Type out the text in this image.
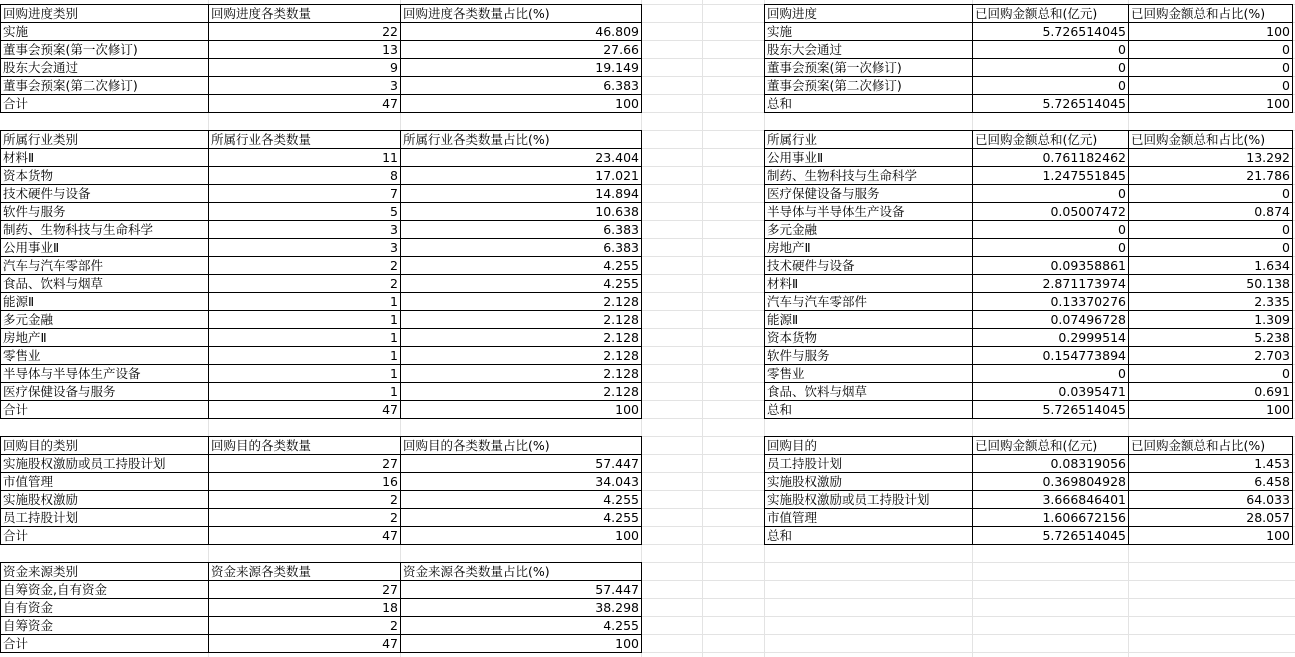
回购进度类别	回购进度各类数量	回购进度各类数量占比(%)
实施	22	46.809
董事会预案(第一次修订)	13	27.66
股东大会通过	9	19.149
董事会预案(第二次修订)	3	6.383
合计	47	100
所属行业类别	所属行业各类数量	所属行业各类数量占比(%)
材料Ⅱ	11	23.404
资本货物	8	17.021
技术硬件与设备	7	14.894
软件与服务	5	10.638
制药、生物科技与生命科学	3	6.383
公用事业Ⅱ	3	6.383
汽车与汽车零部件	2	4.255
食品、饮料与烟草	2	4.255
能源Ⅱ	1	2.128
多元金融	1	2.128
房地产Ⅱ	1	2.128
零售业	1	2.128
半导体与半导体生产设备	1	2.128
医疗保健设备与服务	1	2.128
合计	47	100
回购目的类别	回购目的各类数量	回购目的各类数量占比(%)
实施股权激励或员工持股计划	27	57.447
市值管理	16	34.043
实施股权激励	2	4.255
员工持股计划	2	4.255
合计	47	100
资金来源类别	资金来源各类数量	资金来源各类数量占比(%)
自筹资金,自有资金	27	57.447
自有资金	18	38.298
自筹资金	2	4.255
合计	47	100
回购进度	已回购金额总和(亿元)	已回购金额总和占比(%)
实施	5.726514045	100
股东大会通过	0	0
董事会预案(第一次修订)	0	0
董事会预案(第二次修订)	0	0
总和	5.726514045	100
所属行业	已回购金额总和(亿元)	已回购金额总和占比(%)
公用事业Ⅱ	0.761182462	13.292
制药、生物科技与生命科学	1.247551845	21.786
医疗保健设备与服务	0	0
半导体与半导体生产设备	0.05007472	0.874
多元金融	0	0
房地产Ⅱ	0	0
技术硬件与设备	0.09358861	1.634
材料Ⅱ	2.871173974	50.138
汽车与汽车零部件	0.13370276	2.335
能源Ⅱ	0.07496728	1.309
资本货物	0.2999514	5.238
软件与服务	0.154773894	2.703
零售业	0	0
食品、饮料与烟草	0.0395471	0.691
总和	5.726514045	100
回购目的	已回购金额总和(亿元)	已回购金额总和占比(%)
员工持股计划	0.08319056	1.453
实施股权激励	0.369804928	6.458
实施股权激励或员工持股计划	3.666846401	64.033
市值管理	1.606672156	28.057
总和	5.726514045	100
